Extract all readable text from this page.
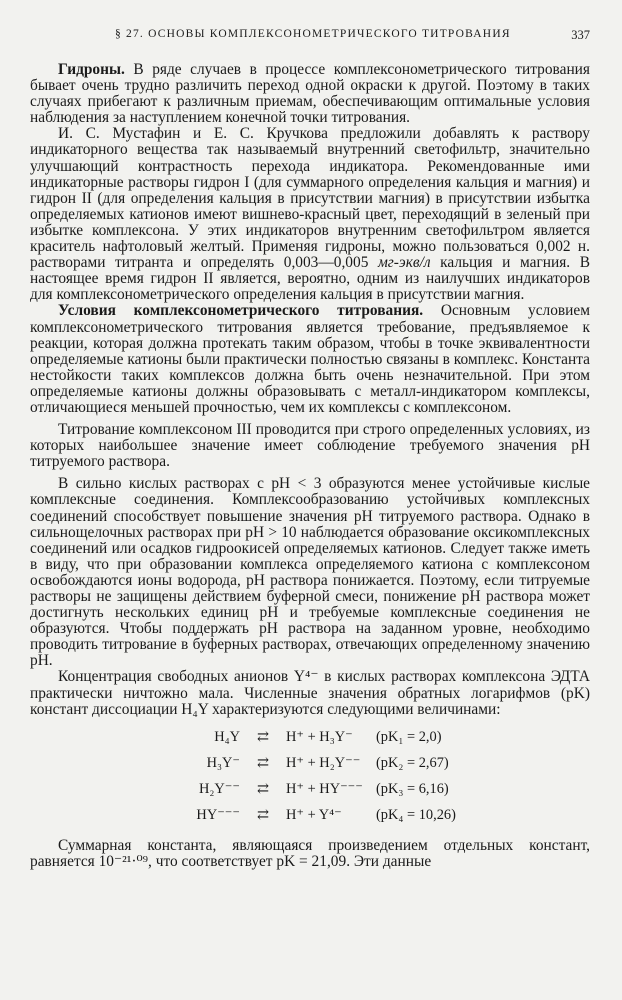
§ 27. ОСНОВЫ КОМПЛЕКСОНОМЕТРИЧЕСКОГО ТИТРОВАНИЯ	337

Гидроны. В ряде случаев в процессе комплексонометрического титрования бывает очень трудно различить переход одной окраски к другой. Поэтому в таких случаях прибегают к различным приемам, обеспечивающим оптимальные условия наблюдения за наступлением конечной точки титрования.

И. С. Мустафин и Е. С. Кручкова предложили добавлять к раствору индикаторного вещества так называемый внутренний светофильтр, значительно улучшающий контрастность перехода индикатора. Рекомендованные ими индикаторные растворы гидрон I (для суммарного определения кальция и магния) и гидрон II (для определения кальция в присутствии магния) в присутствии избытка определяемых катионов имеют вишнево-красный цвет, переходящий в зеленый при избытке комплексона. У этих индикаторов внутренним светофильтром является краситель нафтоловый желтый. Применяя гидроны, можно пользоваться 0,002 н. растворами титранта и определять 0,003—0,005 мг-экв/л кальция и магния. В настоящее время гидрон II является, вероятно, одним из наилучших индикаторов для комплексонометрического определения кальция в присутствии магния.

Условия комплексонометрического титрования. Основным условием комплексонометрического титрования является требование, предъявляемое к реакции, которая должна протекать таким образом, чтобы в точке эквивалентности определяемые катионы были практически полностью связаны в комплекс. Константа нестойкости таких комплексов должна быть очень незначительной. При этом определяемые катионы должны образовывать с металл-индикатором комплексы, отличающиеся меньшей прочностью, чем их комплексы с комплексоном.

Титрование комплексоном III проводится при строго определенных условиях, из которых наибольшее значение имеет соблюдение требуемого значения pH титруемого раствора.

В сильно кислых растворах с pH < 3 образуются менее устойчивые кислые комплексные соединения. Комплексообразованию устойчивых комплексных соединений способствует повышение значения pH титруемого раствора. Однако в сильнощелочных растворах при pH > 10 наблюдается образование оксикомплексных соединений или осадков гидроокисей определяемых катионов. Следует также иметь в виду, что при образовании комплекса определяемого катиона с комплексоном освобождаются ионы водорода, pH раствора понижается. Поэтому, если титруемые растворы не защищены действием буферной смеси, понижение pH раствора может достигнуть нескольких единиц pH и требуемые комплексные соединения не образуются. Чтобы поддержать pH раствора на заданном уровне, необходимо проводить титрование в буферных растворах, отвечающих определенному значению pH.

Концентрация свободных анионов Y⁴⁻ в кислых растворах комплексона ЭДТА практически ничтожно мала. Численные значения обратных логарифмов (pK) констант диссоциации H₄Y характеризуются следующими величинами:

H₄Y	⇄	H⁺ + H₃Y⁻	(pK₁ = 2,0)
H₃Y⁻	⇄	H⁺ + H₂Y⁻⁻	(pK₂ = 2,67)
H₂Y⁻⁻	⇄	H⁺ + HY⁻⁻⁻ (pK₃ = 6,16)
HY⁻⁻⁻	⇄	H⁺ + Y⁴⁻	(pK₄ = 10,26)

Суммарная константа, являющаяся произведением отдельных констант, равняется 10⁻²¹·⁰⁹, что соответствует pK = 21,09. Эти данные
